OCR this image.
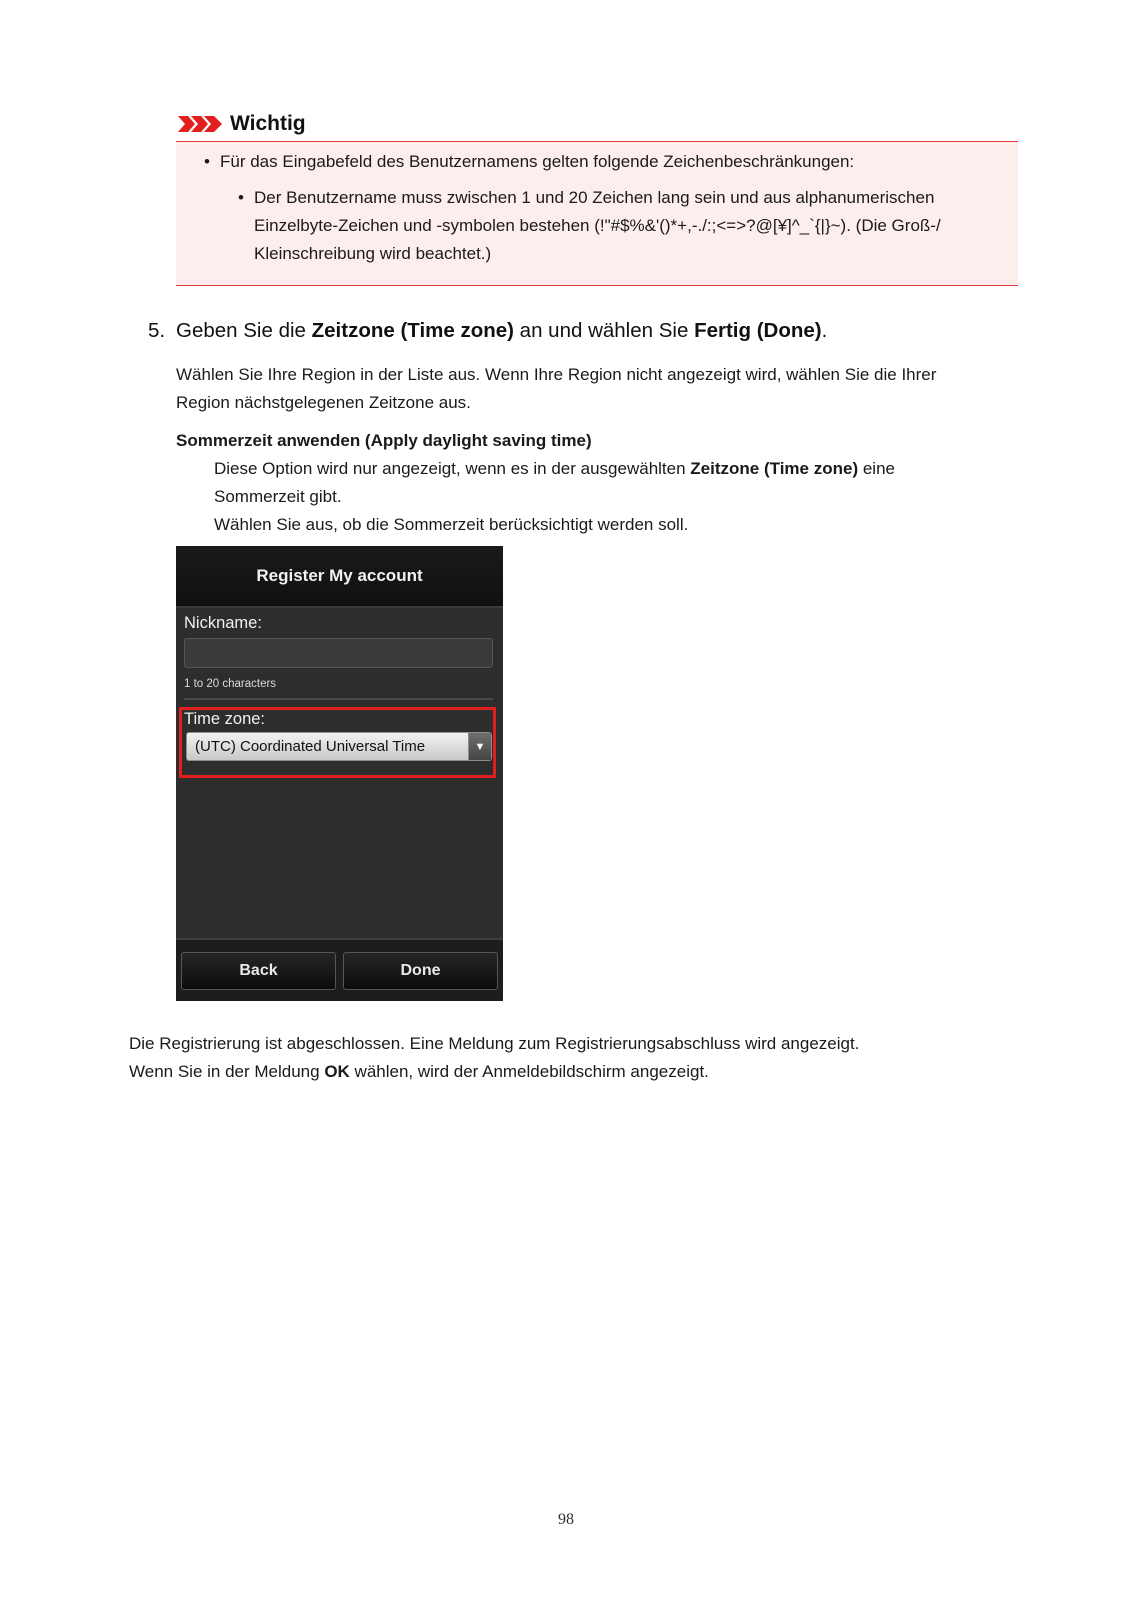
Wichtig
• Für das Eingabefeld des Benutzernamens gelten folgende Zeichenbeschränkungen:
• Der Benutzername muss zwischen 1 und 20 Zeichen lang sein und aus alphanumerischen
Einzelbyte-Zeichen und -symbolen bestehen (!"#$%&'()*+,-./:;<=>?@[¥]^_`{|}~). (Die Groß-/
Kleinschreibung wird beachtet.)
5. Geben Sie die Zeitzone (Time zone) an und wählen Sie Fertig (Done).
Wählen Sie Ihre Region in der Liste aus. Wenn Ihre Region nicht angezeigt wird, wählen Sie die Ihrer
Region nächstgelegenen Zeitzone aus.
Sommerzeit anwenden (Apply daylight saving time)
Diese Option wird nur angezeigt, wenn es in der ausgewählten Zeitzone (Time zone) eine
Sommerzeit gibt.
Wählen Sie aus, ob die Sommerzeit berücksichtigt werden soll.
Register My account
Nickname:
1 to 20 characters
Time zone:
(UTC) Coordinated Universal Time	▼
Back	Done
Die Registrierung ist abgeschlossen. Eine Meldung zum Registrierungsabschluss wird angezeigt.
Wenn Sie in der Meldung OK wählen, wird der Anmeldebildschirm angezeigt.
98
